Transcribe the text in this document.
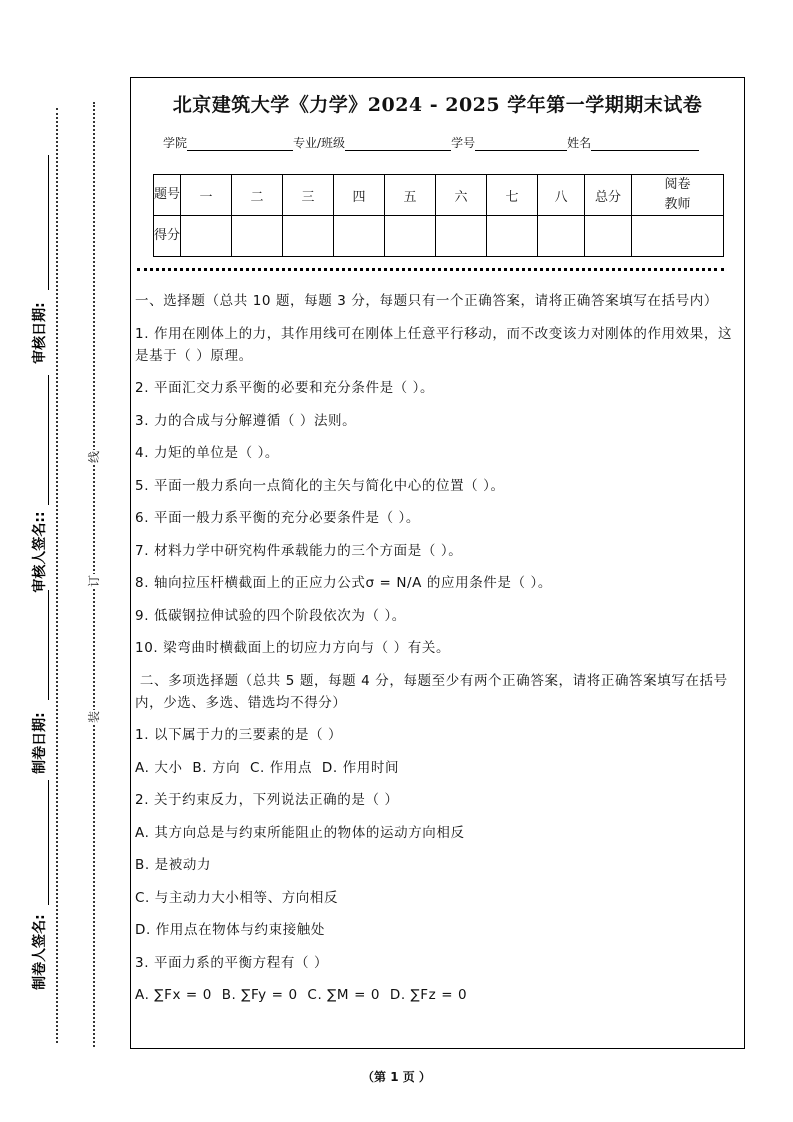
审核日期:
审核人签名::
制卷日期:
制卷人签名:
线
订
装
北京建筑大学《力学》2024 - 2025 学年第一学期期末试卷
学院	专业/班级	学号	姓名
题号	一	二	三	四	五	六	七	八	总分	阅卷教师
得分										

一、选择题（总共 10 题，每题 3 分，每题只有一个正确答案，请将正确答案填写在括号内）

1. 作用在刚体上的力，其作用线可在刚体上任意平行移动，而不改变该力对刚体的作用效果，这是基于（ ）原理。

2. 平面汇交力系平衡的必要和充分条件是（ ）。

3. 力的合成与分解遵循（ ）法则。

4. 力矩的单位是（ ）。

5. 平面一般力系向一点简化的主矢与简化中心的位置（ ）。

6. 平面一般力系平衡的充分必要条件是（ ）。

7. 材料力学中研究构件承载能力的三个方面是（ ）。

8. 轴向拉压杆横截面上的正应力公式σ = N/A 的应用条件是（ ）。

9. 低碳钢拉伸试验的四个阶段依次为（ ）。

10. 梁弯曲时横截面上的切应力方向与（ ）有关。

二、多项选择题（总共 5 题，每题 4 分，每题至少有两个正确答案，请将正确答案填写在括号内，少选、多选、错选均不得分）

1. 以下属于力的三要素的是（ ）

A. 大小  B. 方向  C. 作用点  D. 作用时间

2. 关于约束反力，下列说法正确的是（ ）

A. 其方向总是与约束所能阻止的物体的运动方向相反

B. 是被动力

C. 与主动力大小相等、方向相反

D. 作用点在物体与约束接触处

3. 平面力系的平衡方程有（ ）

A. ∑Fx = 0  B. ∑Fy = 0  C. ∑M = 0  D. ∑Fz = 0

（第 1 页 ）
